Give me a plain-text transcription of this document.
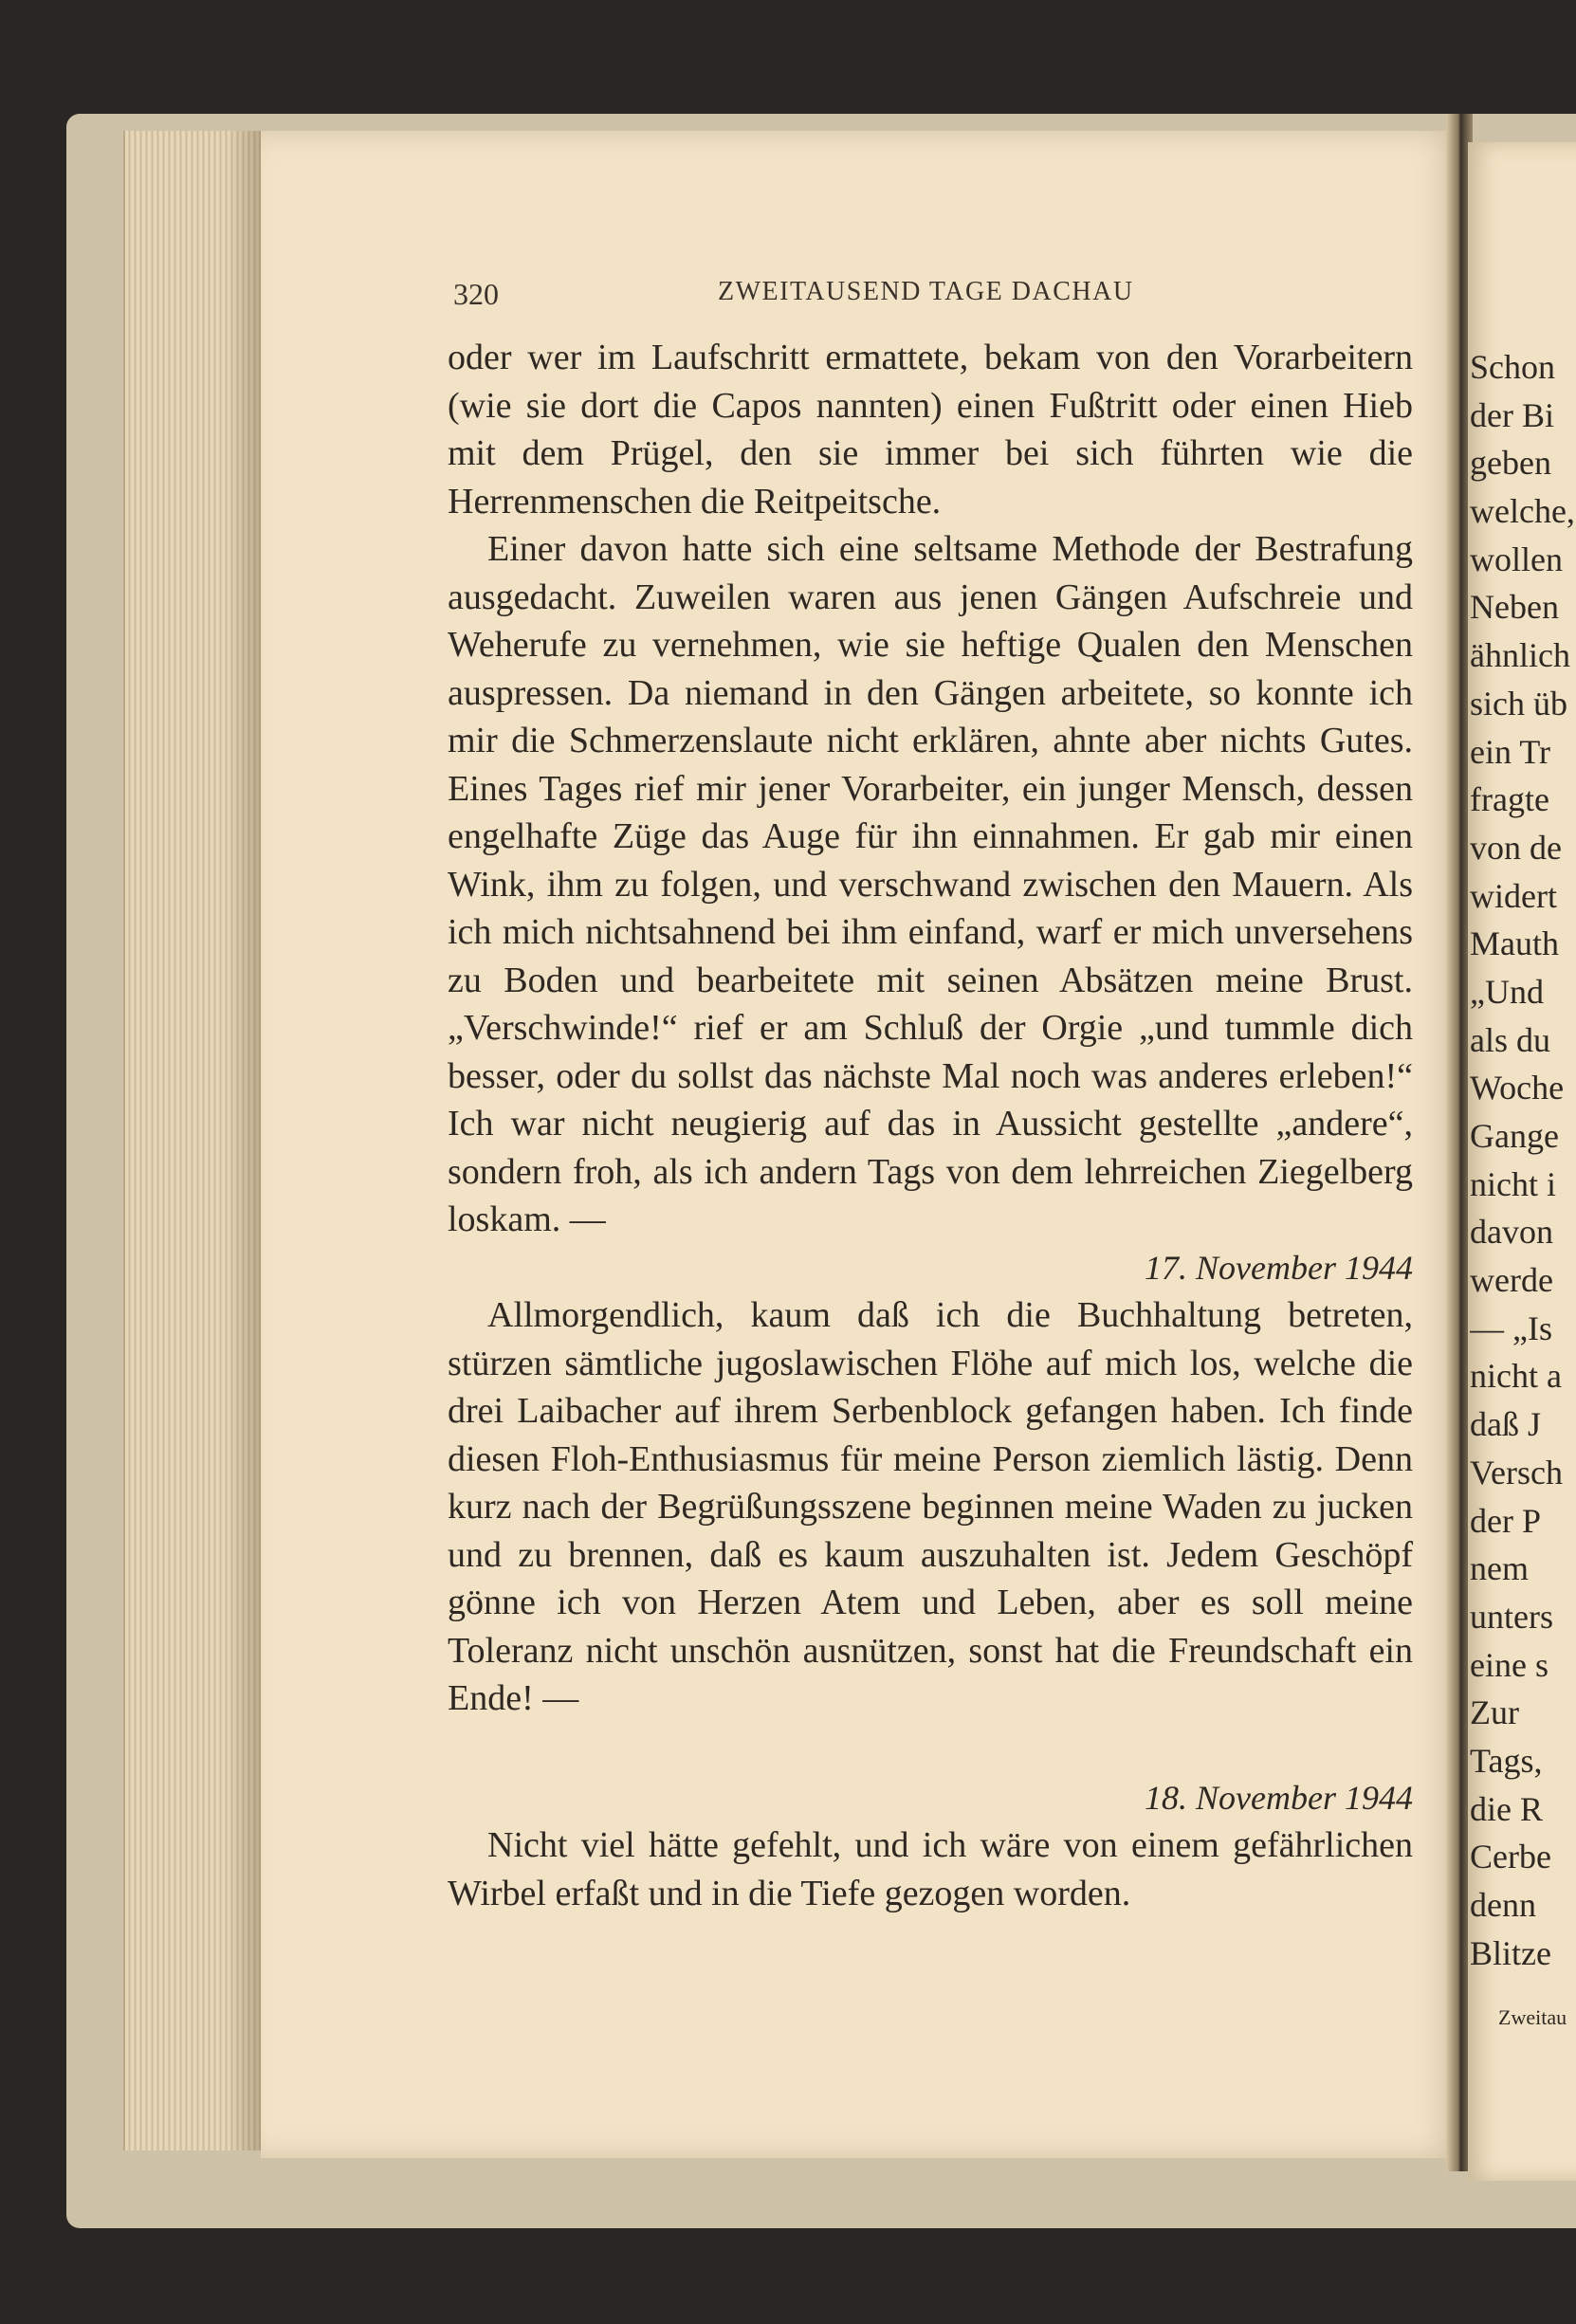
320	ZWEITAUSEND TAGE DACHAU

oder wer im Laufschritt ermattete, bekam von den Vorarbeitern (wie sie dort die Capos nannten) einen Fußtritt oder einen Hieb mit dem Prügel, den sie immer bei sich führten wie die Herrenmenschen die Reitpeitsche.

Einer davon hatte sich eine seltsame Methode der Bestrafung ausgedacht. Zuweilen waren aus jenen Gängen Aufschreie und Weherufe zu vernehmen, wie sie heftige Qualen den Menschen auspressen. Da niemand in den Gängen arbeitete, so konnte ich mir die Schmerzenslaute nicht erklären, ahnte aber nichts Gutes. Eines Tages rief mir jener Vorarbeiter, ein junger Mensch, dessen engelhafte Züge das Auge für ihn einnahmen. Er gab mir einen Wink, ihm zu folgen, und verschwand zwischen den Mauern. Als ich mich nichtsahnend bei ihm einfand, warf er mich unversehens zu Boden und bearbeitete mit seinen Absätzen meine Brust. „Verschwinde!“ rief er am Schluß der Orgie „und tummle dich besser, oder du sollst das nächste Mal noch was anderes erleben!“ Ich war nicht neugierig auf das in Aussicht gestellte „andere“, sondern froh, als ich andern Tags von dem lehrreichen Ziegelberg loskam. —

17. November 1944

Allmorgendlich, kaum daß ich die Buchhaltung betreten, stürzen sämtliche jugoslawischen Flöhe auf mich los, welche die drei Laibacher auf ihrem Serbenblock gefangen haben. Ich finde diesen Floh-Enthusiasmus für meine Person ziemlich lästig. Denn kurz nach der Begrüßungsszene beginnen meine Waden zu jucken und zu brennen, daß es kaum auszuhalten ist. Jedem Geschöpf gönne ich von Herzen Atem und Leben, aber es soll meine Toleranz nicht unschön ausnützen, sonst hat die Freundschaft ein Ende! —

18. November 1944

Nicht viel hätte gefehlt, und ich wäre von einem gefährlichen Wirbel erfaßt und in die Tiefe gezogen worden.

Schon
der Bi
geben
welche,
wollen
Neben
ähnlich
sich üb
ein Tr
fragte
von de
widert
Mauth
„Und
als du
Woche
Gange
nicht i
davon
werde
— „Is
nicht a
daß J
Versch
der P
nem
unters
eine s
Zur
Tags,
die R
Cerbe
denn
Blitze
Zweitau
